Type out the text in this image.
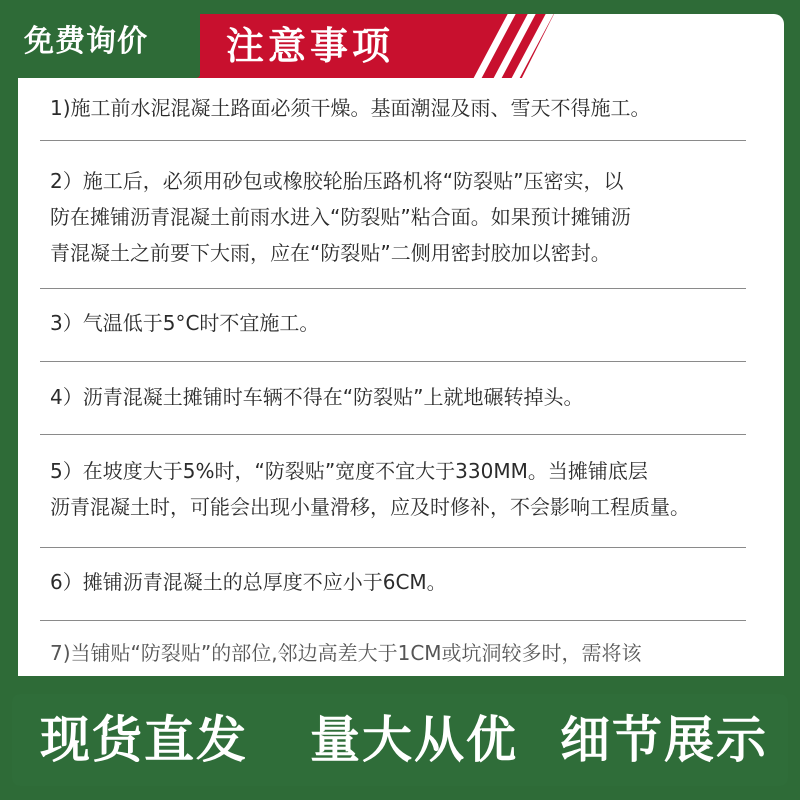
注意事项
1)施工前水泥混凝土路面必须干燥。基面潮湿及雨、雪天不得施工。
2）施工后，必须用砂包或橡胶轮胎压路机将“防裂贴”压密实，以
防在摊铺沥青混凝土前雨水进入“防裂贴”粘合面。如果预计摊铺沥
青混凝土之前要下大雨，应在“防裂贴”二侧用密封胶加以密封。
3）气温低于5°C时不宜施工。
4）沥青混凝土摊铺时车辆不得在“防裂贴”上就地碾转掉头。
5）在坡度大于5%时，“防裂贴”宽度不宜大于330MM。当摊铺底层
沥青混凝土时，可能会出现小量滑移，应及时修补，不会影响工程质量。
6）摊铺沥青混凝土的总厚度不应小于6CM。
7)当铺贴“防裂贴”的部位,邻边高差大于1CM或坑洞较多时，需将该
免费询价
现货直发 量大从优 细节展示
